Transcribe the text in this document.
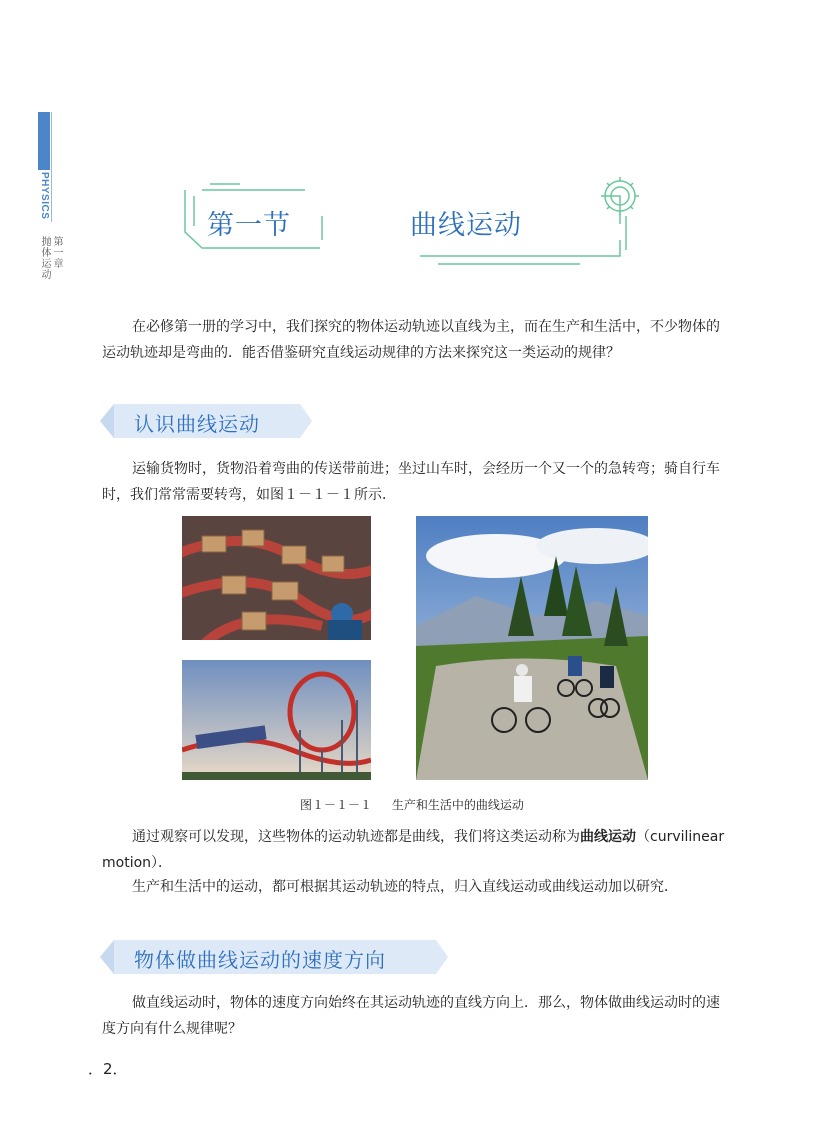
PHYSICS
第一章
抛体运动
第一节	曲线运动
在必修第一册的学习中，我们探究的物体运动轨迹以直线为主，而在生产和生活中，不少物体的运动轨迹却是弯曲的．能否借鉴研究直线运动规律的方法来探究这一类运动的规律？
认识曲线运动
运输货物时，货物沿着弯曲的传送带前进；坐过山车时，会经历一个又一个的急转弯；骑自行车时，我们常常需要转弯，如图１－１－１所示．
图１－１－１ 生产和生活中的曲线运动
通过观察可以发现，这些物体的运动轨迹都是曲线，我们将这类运动称为曲线运动（curvilinear motion）．
生产和生活中的运动，都可根据其运动轨迹的特点，归入直线运动或曲线运动加以研究．
物体做曲线运动的速度方向
做直线运动时，物体的速度方向始终在其运动轨迹的直线方向上．那么，物体做曲线运动时的速度方向有什么规律呢？
．2．
